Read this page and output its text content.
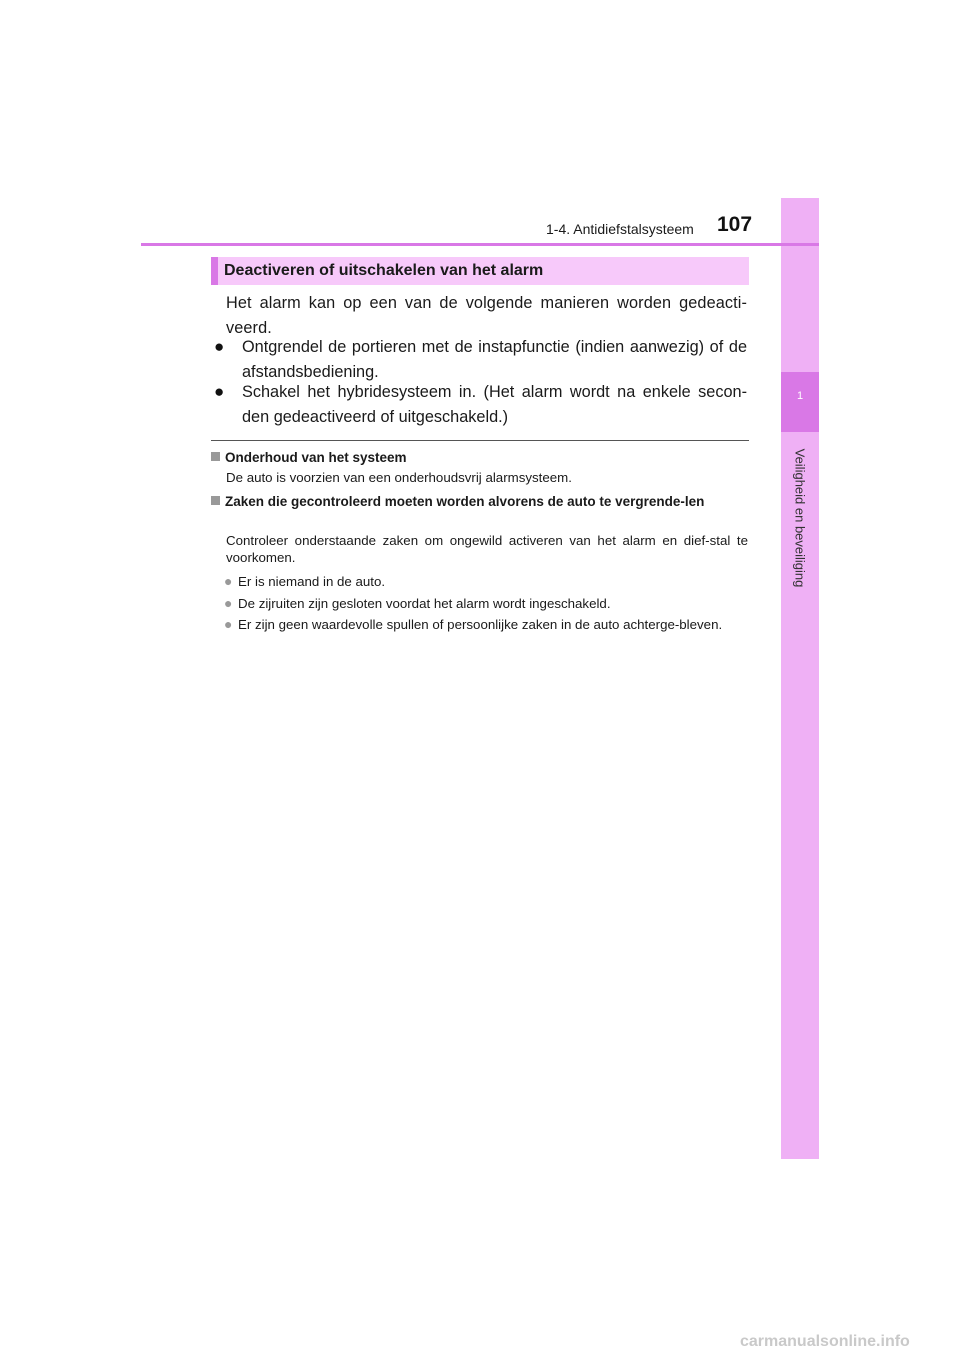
1
Veiligheid en beveiliging
1-4. Antidiefstalsysteem 107
Deactiveren of uitschakelen van het alarm
Het alarm kan op een van de volgende manieren worden gedeacti-veerd.
●	Ontgrendel de portieren met de instapfunctie (indien aanwezig) of de afstandsbediening.
●	Schakel het hybridesysteem in. (Het alarm wordt na enkele secon-den gedeactiveerd of uitgeschakeld.)
Onderhoud van het systeem
De auto is voorzien van een onderhoudsvrij alarmsysteem.
Zaken die gecontroleerd moeten worden alvorens de auto te vergrende-len
Controleer onderstaande zaken om ongewild activeren van het alarm en dief-stal te voorkomen.
● Er is niemand in de auto.
● De zijruiten zijn gesloten voordat het alarm wordt ingeschakeld.
● Er zijn geen waardevolle spullen of persoonlijke zaken in de auto achterge-bleven.
carmanualsonline.info
